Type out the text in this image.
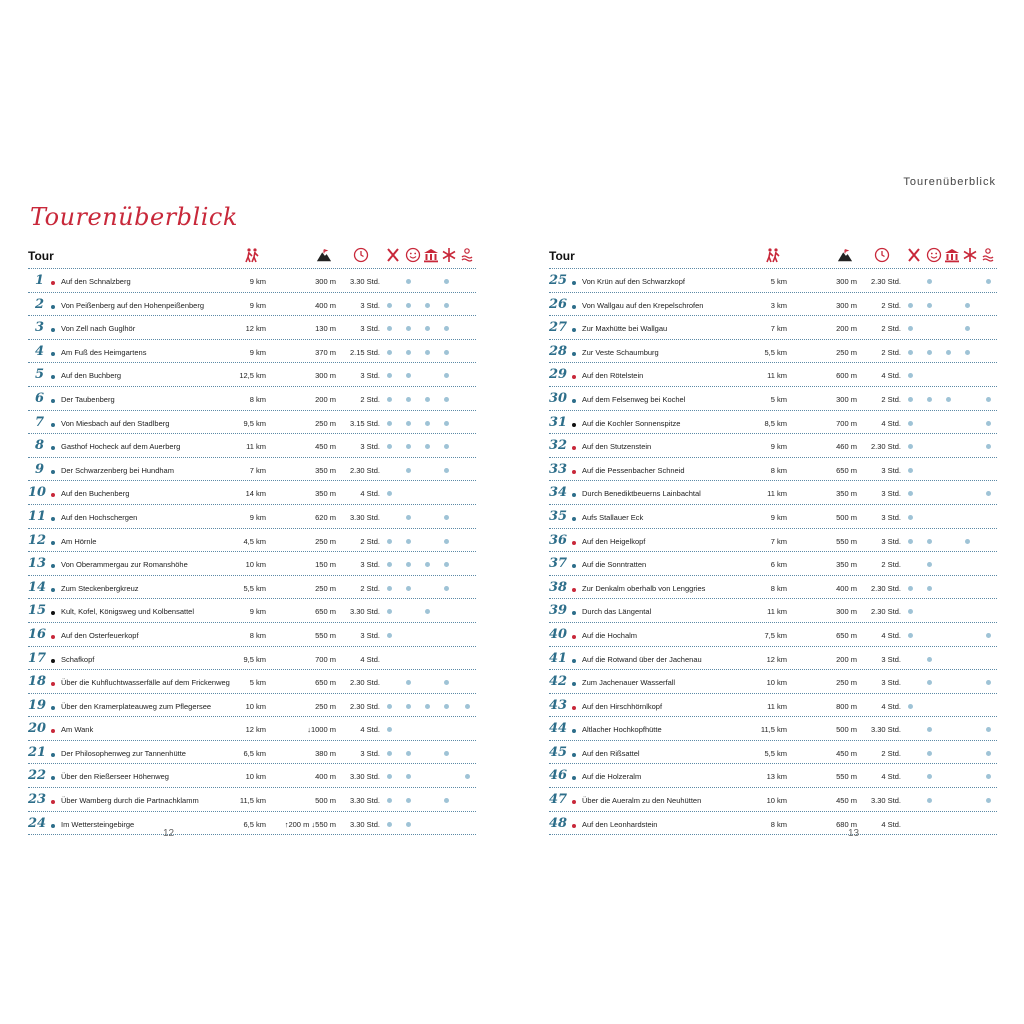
Tourenüberblick
Tourenüberblick
Tour
1 Auf den Schnalzberg	9 km	300 m	3.30 Std.
2 Von Peißenberg auf den Hohenpeißenberg	9 km	400 m	3 Std.
3 Von Zell nach Guglhör	12 km	130 m	3 Std.
4 Am Fuß des Heimgartens	9 km	370 m	2.15 Std.
5 Auf den Buchberg	12,5 km	300 m	3 Std.
6 Der Taubenberg	8 km	200 m	2 Std.
7 Von Miesbach auf den Stadlberg	9,5 km	250 m	3.15 Std.
8 Gasthof Hocheck auf dem Auerberg	11 km	450 m	3 Std.
9 Der Schwarzenberg bei Hundham	7 km	350 m	2.30 Std.
10 Auf den Buchenberg	14 km	350 m	4 Std.
11 Auf den Hochschergen	9 km	620 m	3.30 Std.
12 Am Hörnle	4,5 km	250 m	2 Std.
13 Von Oberammergau zur Romanshöhe	10 km	150 m	3 Std.
14 Zum Steckenbergkreuz	5,5 km	250 m	2 Std.
15 Kult, Kofel, Königsweg und Kolbensattel	9 km	650 m	3.30 Std.
16 Auf den Osterfeuerkopf	8 km	550 m	3 Std.
17 Schafkopf	9,5 km	700 m	4 Std.
18 Über die Kuhfluchtwasserfälle auf dem Frickenweg	5 km	650 m	2.30 Std.
19 Über den Kramerplateauweg zum Pflegersee	10 km	250 m	2.30 Std.
20 Am Wank	12 km	↓1000 m	4 Std.
21 Der Philosophenweg zur Tannenhütte	6,5 km	380 m	3 Std.
22 Über den Rießerseer Höhenweg	10 km	400 m	3.30 Std.
23 Über Wamberg durch die Partnachklamm	11,5 km	500 m	3.30 Std.
24 Im Wettersteingebirge	6,5 km	↑200 m ↓550 m	3.30 Std.
12
Tour
25 Von Krün auf den Schwarzkopf	5 km	300 m	2.30 Std.
26 Von Wallgau auf den Krepelschrofen	3 km	300 m	2 Std.
27 Zur Maxhütte bei Wallgau	7 km	200 m	2 Std.
28 Zur Veste Schaumburg	5,5 km	250 m	2 Std.
29 Auf den Rötelstein	11 km	600 m	4 Std.
30 Auf dem Felsenweg bei Kochel	5 km	300 m	2 Std.
31 Auf die Kochler Sonnenspitze	8,5 km	700 m	4 Std.
32 Auf den Stutzenstein	9 km	460 m	2.30 Std.
33 Auf die Pessenbacher Schneid	8 km	650 m	3 Std.
34 Durch Benediktbeuerns Lainbachtal	11 km	350 m	3 Std.
35 Aufs Stallauer Eck	9 km	500 m	3 Std.
36 Auf den Heigelkopf	7 km	550 m	3 Std.
37 Auf die Sonntratten	6 km	350 m	2 Std.
38 Zur Denkalm oberhalb von Lenggries	8 km	400 m	2.30 Std.
39 Durch das Längental	11 km	300 m	2.30 Std.
40 Auf die Hochalm	7,5 km	650 m	4 Std.
41 Auf die Rotwand über der Jachenau	12 km	200 m	3 Std.
42 Zum Jachenauer Wasserfall	10 km	250 m	3 Std.
43 Auf den Hirschhörnlkopf	11 km	800 m	4 Std.
44 Altlacher Hochkopfhütte	11,5 km	500 m	3.30 Std.
45 Auf den Rißsattel	5,5 km	450 m	2 Std.
46 Auf die Holzeralm	13 km	550 m	4 Std.
47 Über die Aueralm zu den Neuhütten	10 km	450 m	3.30 Std.
48 Auf den Leonhardstein	8 km	680 m	4 Std.
13
